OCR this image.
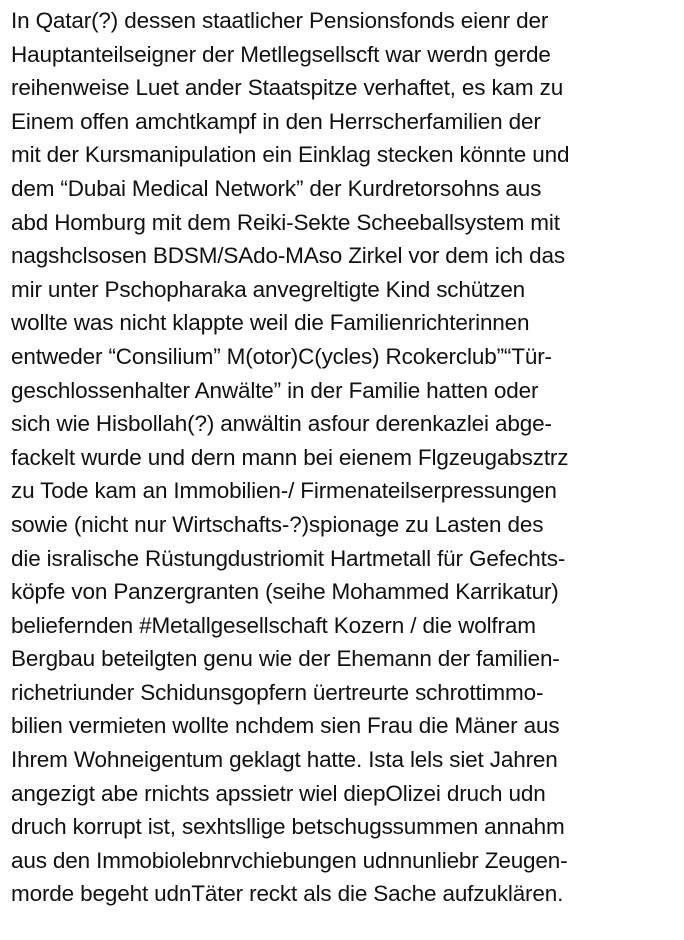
In Qatar(?) dessen staatlicher Pensionsfonds eienr der
Hauptanteilseigner der Metllegsellscft war werdn gerde
reihenweise Luet ander Staatspitze verhaftet, es kam zu
Einem offen amchtkampf in den Herrscherfamilien der
mit der Kursmanipulation ein Einklag stecken könnte und
dem “Dubai Medical Network” der Kurdretorsohns aus
abd Homburg mit dem Reiki-Sekte Scheeballsystem mit
nagshclsosen BDSM/SAdo-MAso Zirkel vor dem ich das
mir unter Pschopharaka anvegreltigte Kind schützen
wollte was nicht klappte weil die Familienrichterinnen
entweder “Consilium” M(otor)C(ycles) Rcokerclub”“Tür-
geschlossenhalter Anwälte” in der Familie hatten oder
sich wie Hisbollah(?) anwältin asfour derenkazlei abge-
fackelt wurde und dern mann bei eienem Flgzeugabsztrz
zu Tode kam an Immobilien-/ Firmenateilserpressungen
sowie (nicht nur Wirtschafts-?)spionage zu Lasten des
die isralische Rüstungdustriomit Hartmetall für Gefechts-
köpfe von Panzergranten (seihe Mohammed Karrikatur)
beliefernden #Metallgesellschaft Kozern / die wolfram
Bergbau beteilgten genu wie der Ehemann der familien-
richetriunder Schidunsgopfern üertreurte schrottimmo-
bilien vermieten wollte nchdem sien Frau die Mäner aus
Ihrem Wohneigentum geklagt hatte. Ista lels siet Jahren
angezigt abe rnichts apssietr wiel diepOlizei druch udn
druch korrupt ist, sexhtsllige betschugssummen annahm
aus den Immobiolebnrvchiebungen udnnunliebr Zeugen-
morde begeht udnTäter reckt als die Sache aufzuklären.
